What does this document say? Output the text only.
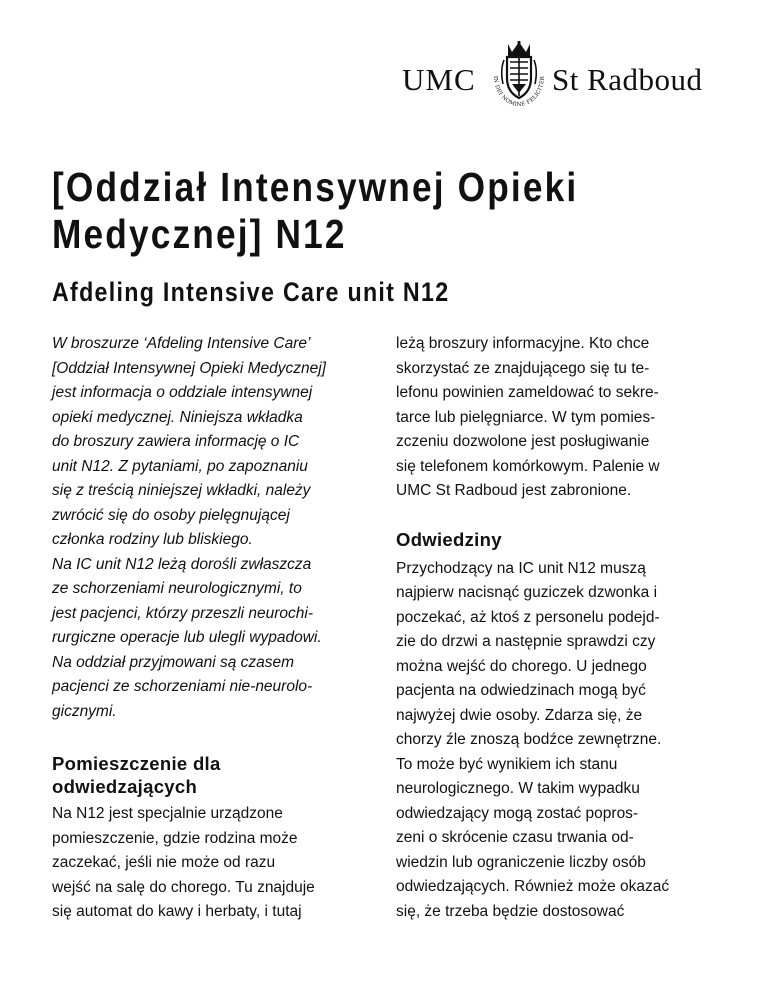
UMC	IN DEI NOMINE FELICITER St Radboud
[Oddział Intensywnej Opieki
Medycznej] N12
Afdeling Intensive Care unit N12
W broszurze ‘Afdeling Intensive Care’
[Oddział Intensywnej Opieki Medycznej]
jest informacja o oddziale intensywnej
opieki medycznej. Niniejsza wkładka
do broszury zawiera informację o IC
unit N12. Z pytaniami, po zapoznaniu
się z treścią niniejszej wkładki, należy
zwrócić się do osoby pielęgnującej
członka rodziny lub bliskiego.
Na IC unit N12 leżą dorośli zwłaszcza
ze schorzeniami neurologicznymi, to
jest pacjenci, którzy przeszli neurochi-
rurgiczne operacje lub ulegli wypadowi.
Na oddział przyjmowani są czasem
pacjenci ze schorzeniami nie-neurolo-
gicznymi.
Pomieszczenie dla
odwiedzających
Na N12 jest specjalnie urządzone
pomieszczenie, gdzie rodzina może
zaczekać, jeśli nie może od razu
wejść na salę do chorego. Tu znajduje
się automat do kawy i herbaty, i tutaj
leżą broszury informacyjne. Kto chce
skorzystać ze znajdującego się tu te-
lefonu powinien zameldować to sekre-
tarce lub pielęgniarce. W tym pomies-
zczeniu dozwolone jest posługiwanie
się telefonem komórkowym. Palenie w
UMC St Radboud jest zabronione.
Odwiedziny
Przychodzący na IC unit N12 muszą
najpierw nacisnąć guziczek dzwonka i
poczekać, aż ktoś z personelu podejd-
zie do drzwi a następnie sprawdzi czy
można wejść do chorego. U jednego
pacjenta na odwiedzinach mogą być
najwyżej dwie osoby. Zdarza się, że
chorzy źle znoszą bodźce zewnętrzne.
To może być wynikiem ich stanu
neurologicznego. W takim wypadku
odwiedzający mogą zostać popros-
zeni o skrócenie czasu trwania od-
wiedzin lub ograniczenie liczby osób
odwiedzających. Również może okazać
się, że trzeba będzie dostosować
